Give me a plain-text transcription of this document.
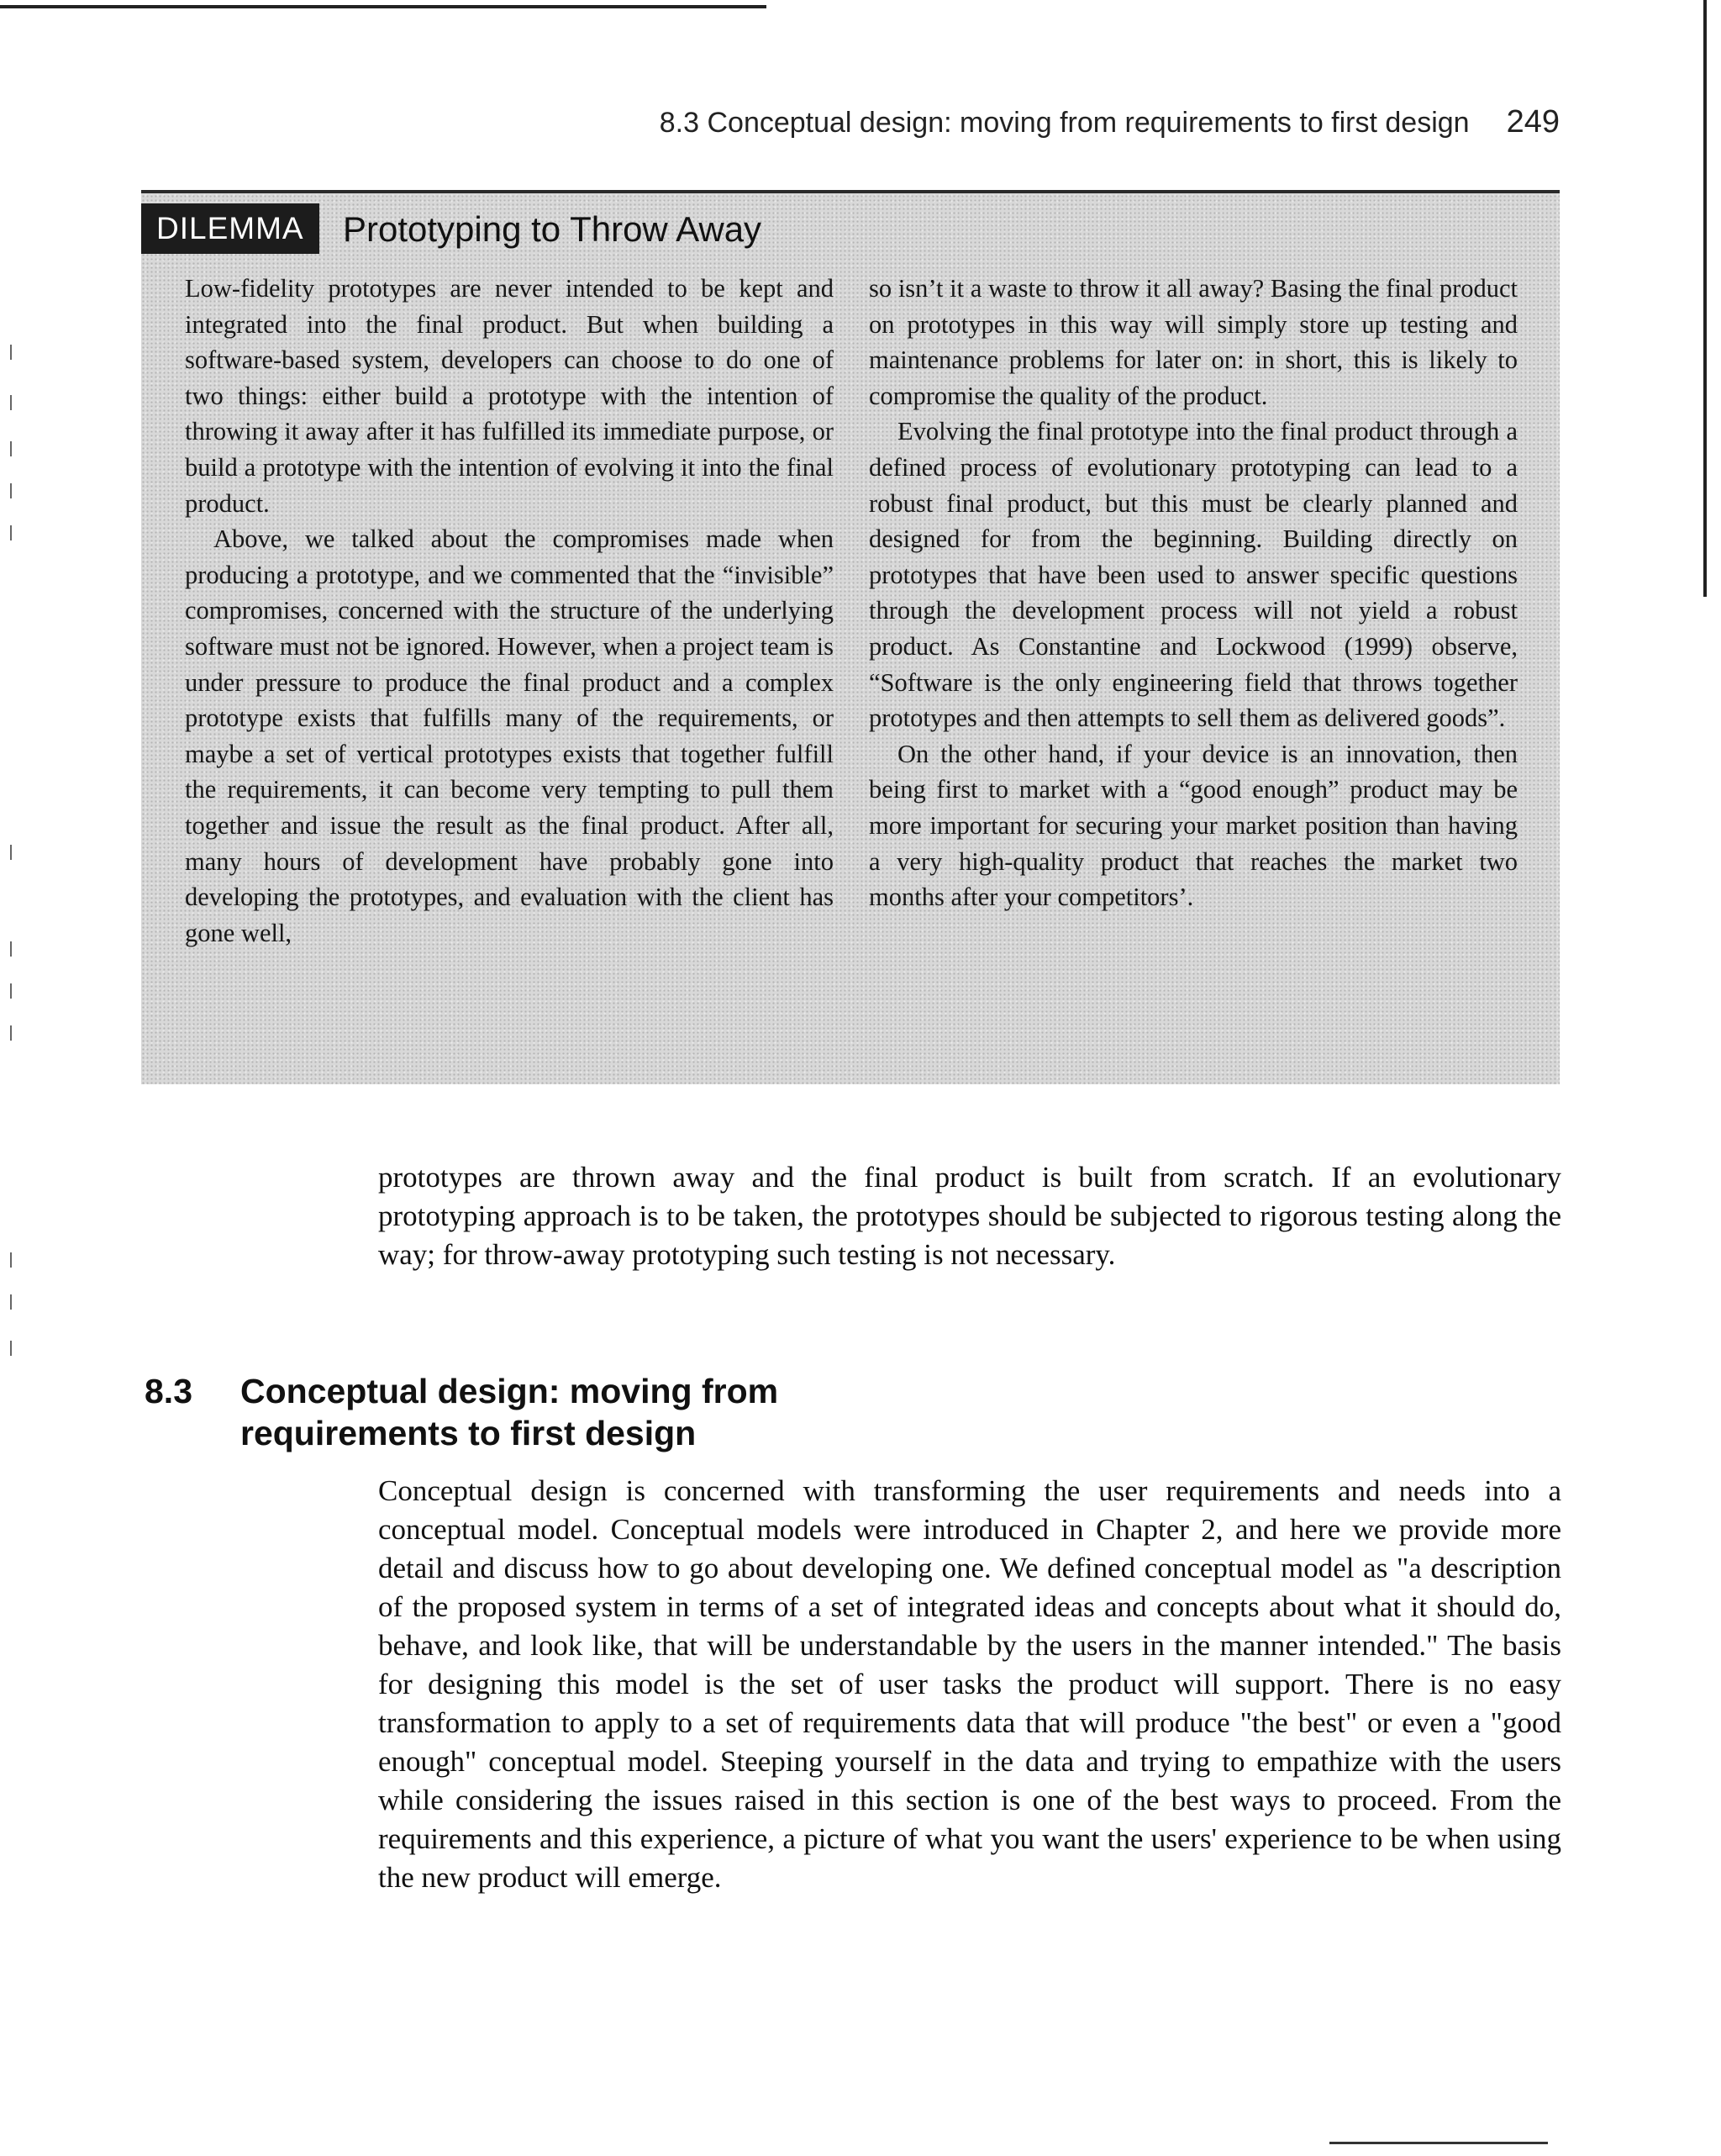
8.3 Conceptual design: moving from requirements to first design 249
DILEMMA	Prototyping to Throw Away

Low-fidelity prototypes are never intended to be kept and integrated into the final product. But when building a software-based system, developers can choose to do one of two things: either build a prototype with the intention of throwing it away after it has fulfilled its immediate purpose, or build a prototype with the intention of evolving it into the final product.

Above, we talked about the compromises made when producing a prototype, and we commented that the “invisible” compromises, concerned with the structure of the underlying software must not be ignored. However, when a project team is under pressure to produce the final product and a complex prototype exists that fulfills many of the requirements, or maybe a set of vertical prototypes exists that together fulfill the requirements, it can become very tempting to pull them together and issue the result as the final product. After all, many hours of development have probably gone into developing the prototypes, and evaluation with the client has gone well,

so isn’t it a waste to throw it all away? Basing the final product on prototypes in this way will simply store up testing and maintenance problems for later on: in short, this is likely to compromise the quality of the product.

Evolving the final prototype into the final product through a defined process of evolutionary prototyping can lead to a robust final product, but this must be clearly planned and designed for from the beginning. Building directly on prototypes that have been used to answer specific questions through the development process will not yield a robust product. As Constantine and Lockwood (1999) observe, “Software is the only engineering field that throws together prototypes and then attempts to sell them as delivered goods”.

On the other hand, if your device is an innovation, then being first to market with a “good enough” product may be more important for securing your market position than having a very high-quality product that reaches the market two months after your competitors’.

prototypes are thrown away and the final product is built from scratch. If an evolutionary prototyping approach is to be taken, the prototypes should be subjected to rigorous testing along the way; for throw-away prototyping such testing is not necessary.

8.3 Conceptual design: moving from
requirements to first design

Conceptual design is concerned with transforming the user requirements and needs into a conceptual model. Conceptual models were introduced in Chapter 2, and here we provide more detail and discuss how to go about developing one. We defined conceptual model as "a description of the proposed system in terms of a set of integrated ideas and concepts about what it should do, behave, and look like, that will be understandable by the users in the manner intended." The basis for designing this model is the set of user tasks the product will support. There is no easy transformation to apply to a set of requirements data that will produce "the best" or even a "good enough" conceptual model. Steeping yourself in the data and trying to empathize with the users while considering the issues raised in this section is one of the best ways to proceed. From the requirements and this experience, a picture of what you want the users' experience to be when using the new product will emerge.
